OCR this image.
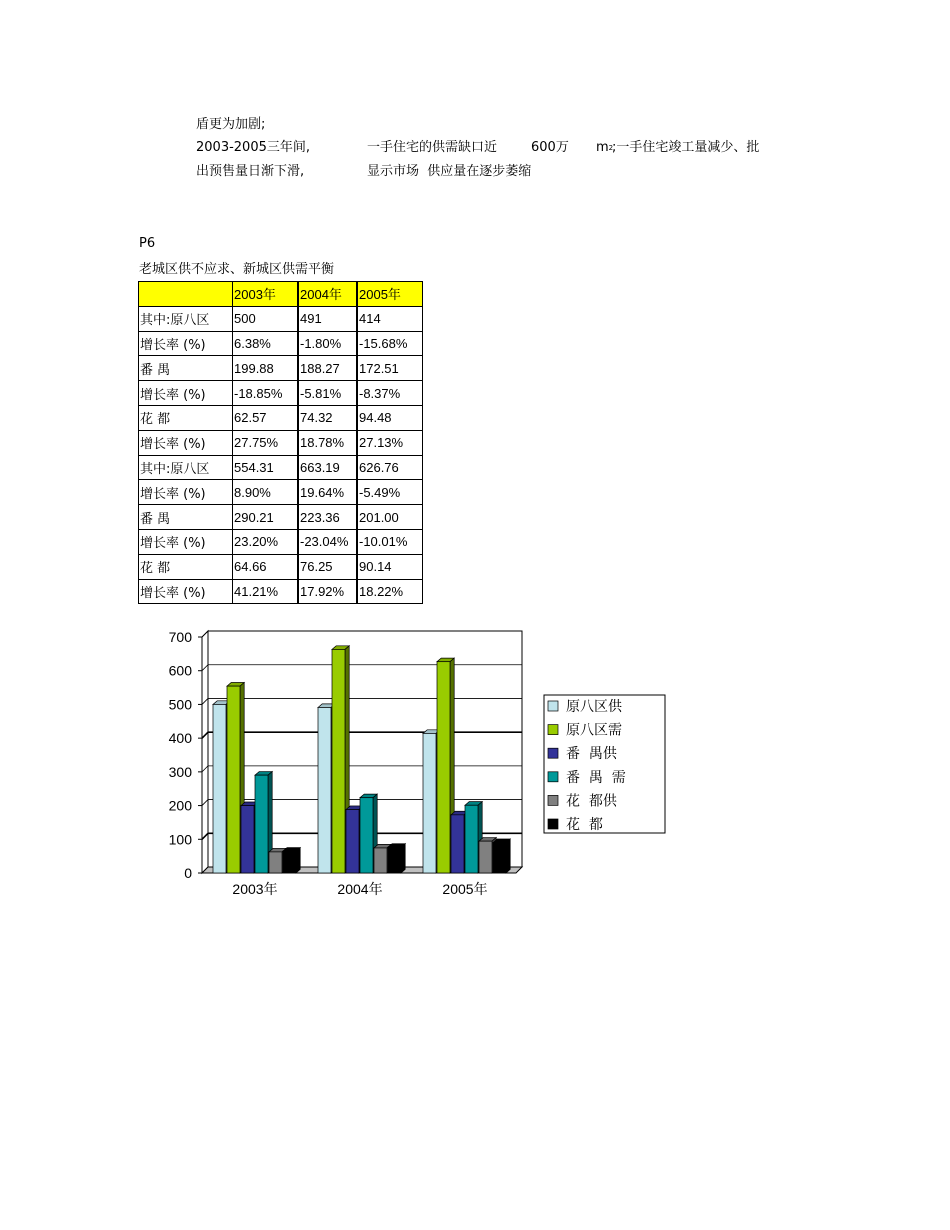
盾更为加剧;
2003-2005三年间,	一手住宅的供需缺口近	600万 $m^2$
;一手住宅竣工量减少、批
出预售量日渐下滑,	显示市场  供应量在逐步萎缩
P6
老城区供不应求、新城区供需平衡
	2003年	2004年	2005年
其中:原八区	500	491	414
增长率 (%)	6.38%	-1.80%	-15.68%
番 禺	199.88	188.27	172.51
增长率 (%)	-18.85%	-5.81%	-8.37%
花 都	62.57	74.32	94.48
增长率 (%)	27.75%	18.78%	27.13%
其中:原八区	554.31	663.19	626.76
增长率 (%)	8.90%	19.64%	-5.49%
番 禺	290.21	223.36	201.00
增长率 (%)	23.20%	-23.04%	-10.01%
花 都	64.66	76.25	90.14
增长率 (%)	41.21%	17.92%	18.22%
0
100
200
300
400
500
600
700
2003年	2004年	2005年
原八区供
原八区需
番  禺供
番  禺  需
花  都供
花  都
